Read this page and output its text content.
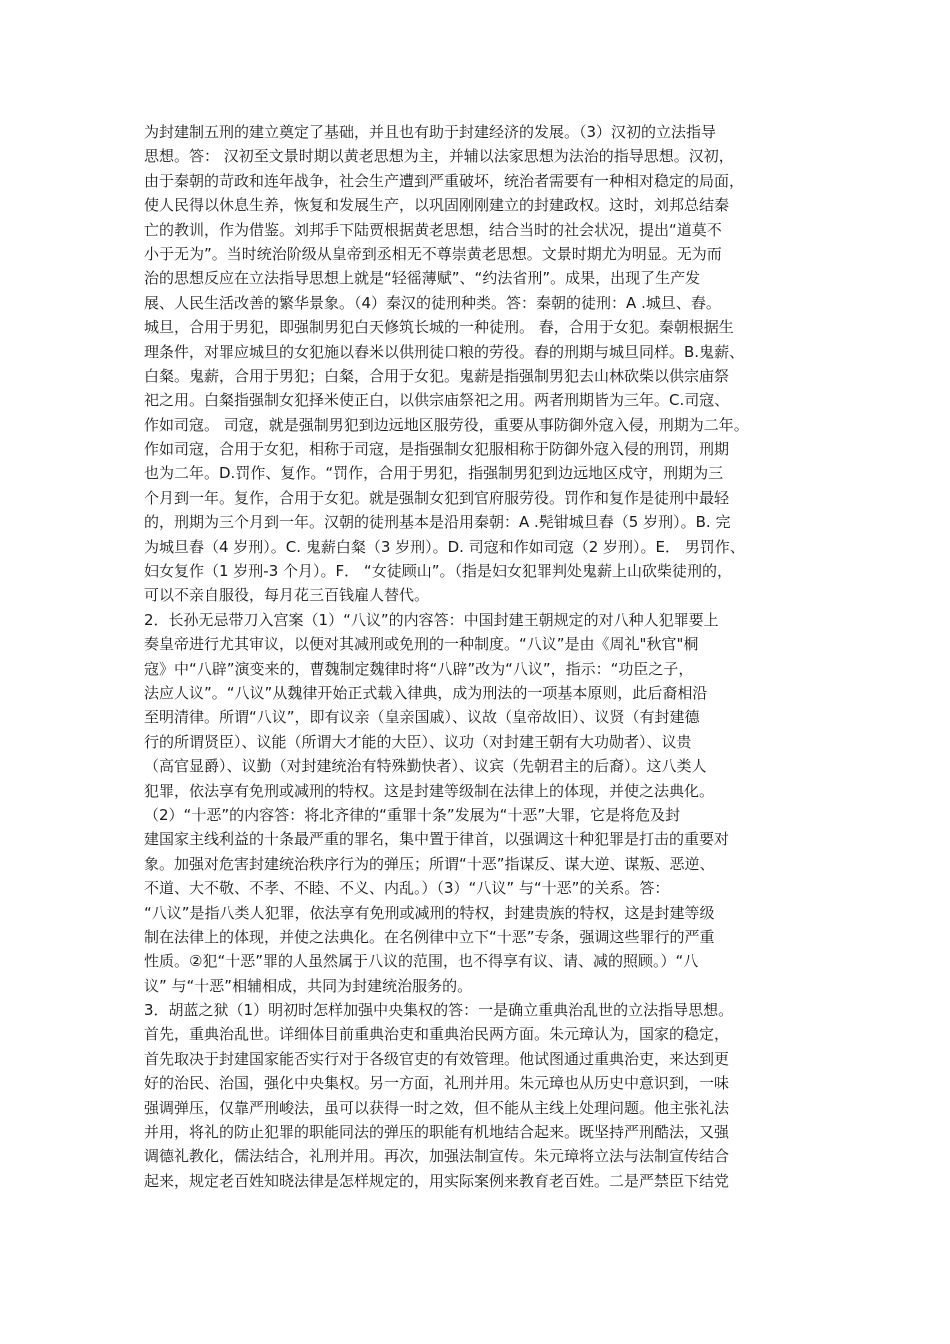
为封建制五刑的建立奠定了基础，并且也有助于封建经济的发展。（3）汉初的立法指导
思想。答： 汉初至文景时期以黄老思想为主，并辅以法家思想为法治的指导思想。汉初，
由于秦朝的苛政和连年战争，社会生产遭到严重破坏，统治者需要有一种相对稳定的局面，
使人民得以休息生养，恢复和发展生产，以巩固刚刚建立的封建政权。这时，刘邦总结秦
亡的教训，作为借鉴。刘邦手下陆贾根据黄老思想，结合当时的社会状况，提出“道莫不
小于无为”。当时统治阶级从皇帝到丞相无不尊崇黄老思想。文景时期尤为明显。无为而
治的思想反应在立法指导思想上就是“轻徭薄赋”、“约法省刑”。成果，出现了生产发
展、人民生活改善的繁华景象。（4）秦汉的徒刑种类。答：秦朝的徒刑：A .城旦、舂。
城旦，合用于男犯，即强制男犯白天修筑长城的一种徒刑。 舂，合用于女犯。秦朝根据生
理条件，对罪应城旦的女犯施以舂米以供刑徒口粮的劳役。舂的刑期与城旦同样。B.鬼薪、
白粲。鬼薪，合用于男犯；白粲，合用于女犯。鬼薪是指强制男犯去山林砍柴以供宗庙祭
祀之用。白粲指强制女犯择米使正白，以供宗庙祭祀之用。两者刑期皆为三年。C.司寇、
作如司寇。 司寇，就是强制男犯到边远地区服劳役，重要从事防御外寇入侵，刑期为二年。
作如司寇，合用于女犯，相称于司寇，是指强制女犯服相称于防御外寇入侵的刑罚，刑期
也为二年。D.罚作、复作。“罚作，合用于男犯，指强制男犯到边远地区戍守，刑期为三
个月到一年。复作，合用于女犯。就是强制女犯到官府服劳役。罚作和复作是徒刑中最轻
的，刑期为三个月到一年。汉朝的徒刑基本是沿用秦朝：A .髡钳城旦舂（5 岁刑）。B. 完
为城旦舂（4 岁刑）。C. 鬼薪白粲（3 岁刑）。D. 司寇和作如司寇（2 岁刑）。E． 男罚作、
妇女复作（1 岁刑-3 个月）。F． “女徒顾山”。（指是妇女犯罪判处鬼薪上山砍柴徒刑的，
可以不亲自服役，每月花三百钱雇人替代。
2．长孙无忌带刀入宫案（1）“八议”的内容答：中国封建王朝规定的对八种人犯罪要上
奏皇帝进行尤其审议，以便对其减刑或免刑的一种制度。“八议”是由《周礼"秋官"桐
寇》中“八辟”演变来的，曹魏制定魏律时将“八辟”改为“八议”，指示：“功臣之子，
法应人议”。“八议”从魏律开始正式载入律典，成为刑法的一项基本原则，此后裔相沿
至明清律。所谓“八议”，即有议亲（皇亲国戚）、议故（皇帝故旧）、议贤（有封建德
行的所谓贤臣）、议能（所谓大才能的大臣）、议功（对封建王朝有大功勋者）、议贵
（高官显爵）、议勤（对封建统治有特殊勤快者）、议宾（先朝君主的后裔）。这八类人
犯罪，依法享有免刑或减刑的特权。这是封建等级制在法律上的体现，并使之法典化。
（2）“十恶”的内容答：将北齐律的“重罪十条”发展为“十恶”大罪，它是将危及封
建国家主线利益的十条最严重的罪名，集中置于律首，以强调这十种犯罪是打击的重要对
象。加强对危害封建统治秩序行为的弹压；所谓“十恶”指谋反、谋大逆、谋叛、恶逆、
不道、大不敬、不孝、不睦、不义、内乱。）（3）“八议” 与“十恶”的关系。答：
“八议”是指八类人犯罪，依法享有免刑或减刑的特权，封建贵族的特权，这是封建等级
制在法律上的体现，并使之法典化。在名例律中立下“十恶”专条，强调这些罪行的严重
性质。②犯“十恶”罪的人虽然属于八议的范围，也不得享有议、请、减的照顾。）“八
议” 与“十恶”相辅相成，共同为封建统治服务的。
3．胡蓝之狱（1）明初时怎样加强中央集权的答：一是确立重典治乱世的立法指导思想。
首先，重典治乱世。详细体目前重典治吏和重典治民两方面。朱元璋认为，国家的稳定，
首先取决于封建国家能否实行对于各级官吏的有效管理。他试图通过重典治吏，来达到更
好的治民、治国，强化中央集权。另一方面，礼刑并用。朱元璋也从历史中意识到，一味
强调弹压，仅靠严刑峻法，虽可以获得一时之效，但不能从主线上处理问题。他主张礼法
并用，将礼的防止犯罪的职能同法的弹压的职能有机地结合起来。既坚持严刑酷法，又强
调德礼教化，儒法结合，礼刑并用。再次，加强法制宣传。朱元璋将立法与法制宣传结合
起来，规定老百姓知晓法律是怎样规定的，用实际案例来教育老百姓。二是严禁臣下结党
